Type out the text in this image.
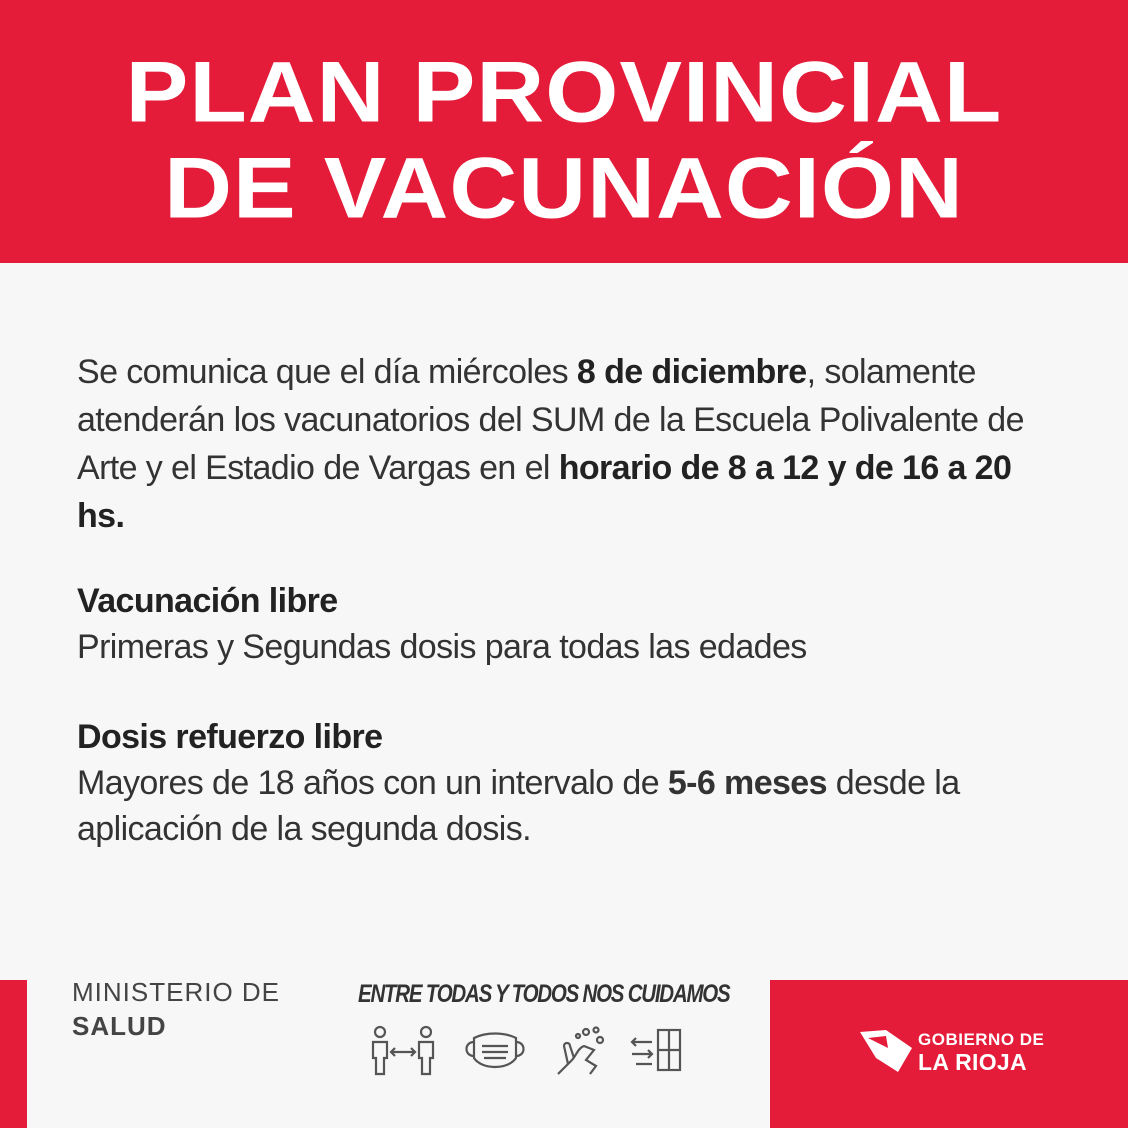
PLAN PROVINCIAL
DE VACUNACIÓN

Se comunica que el día miércoles 8 de diciembre, solamente atenderán los vacunatorios del SUM de la Escuela Polivalente de Arte y el Estadio de Vargas en el horario de 8 a 12 y de 16 a 20 hs.

Vacunación libre
Primeras y Segundas dosis para todas las edades
Dosis refuerzo libre
Mayores de 18 años con un intervalo de 5-6 meses desde la aplicación de la segunda dosis.
MINISTERIO DE
SALUD
ENTRE TODAS Y TODOS NOS CUIDAMOS
GOBIERNO DE
LA RIOJA
